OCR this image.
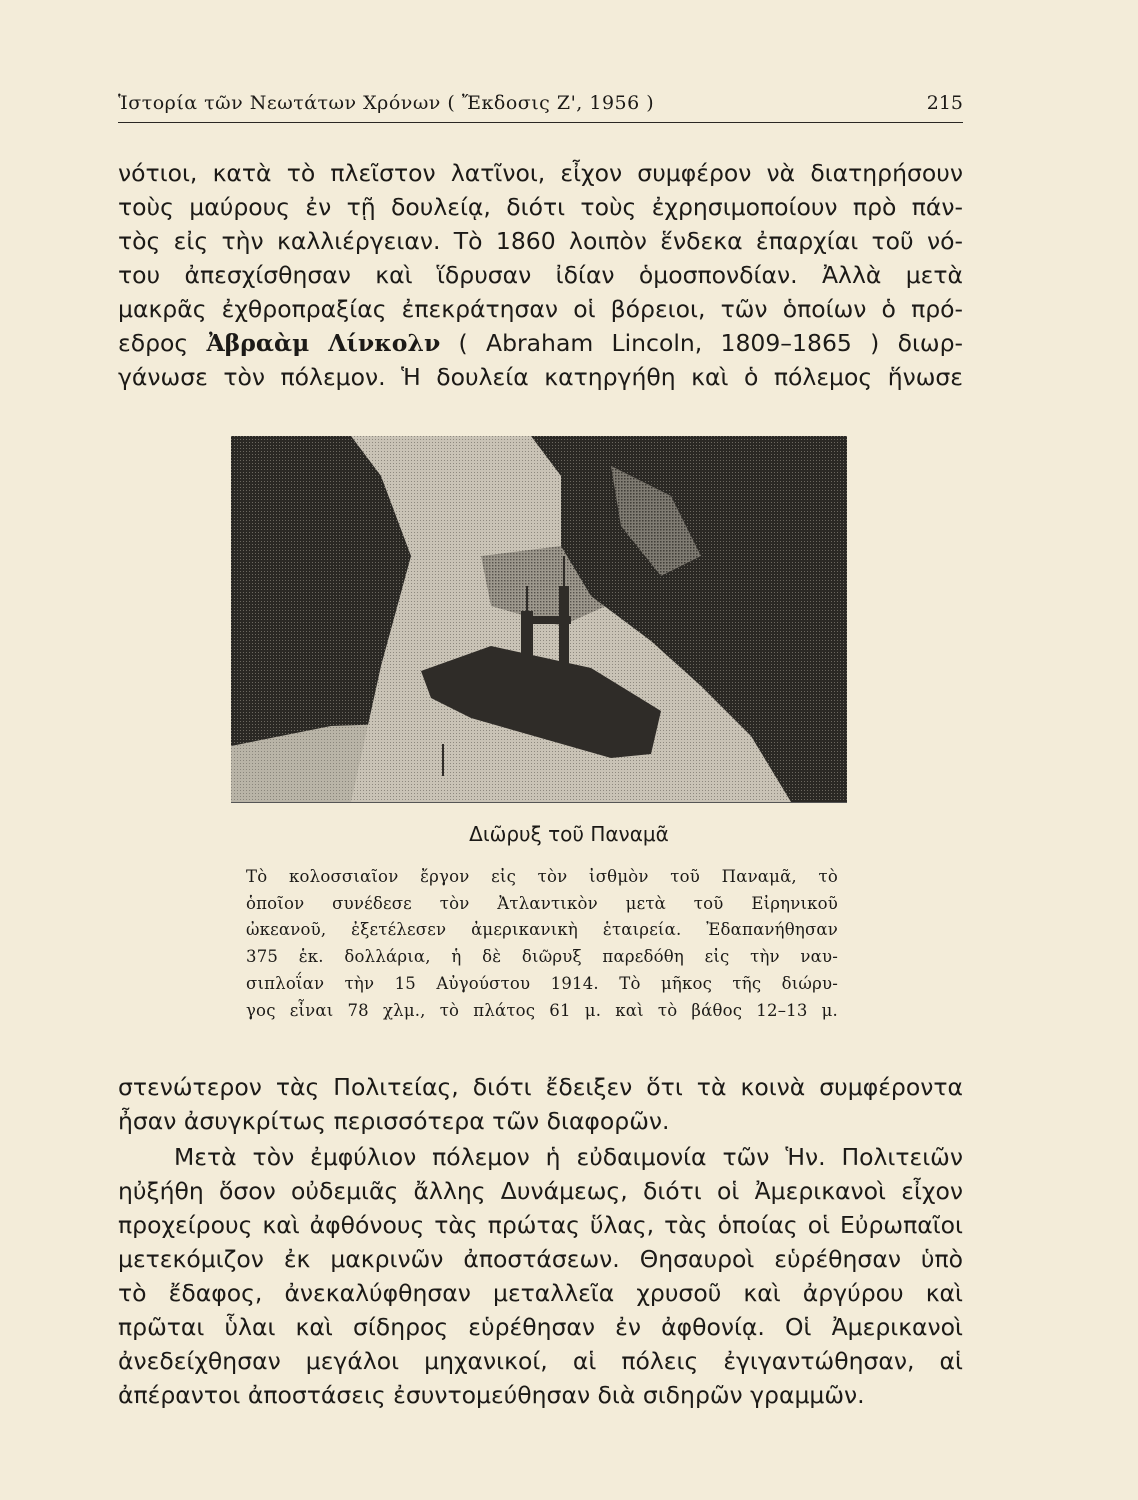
Ἱστορία τῶν Νεωτάτων Χρόνων ( Ἔκδοσις Ζ', 1956 )	215
νότιοι, κατὰ τὸ πλεῖστον λατῖνοι, εἶχον συμφέρον νὰ διατηρήσουν
τοὺς μαύρους ἐν τῇ δουλείᾳ, διότι τοὺς ἐχρησιμοποίουν πρὸ πάν-
τὸς εἰς τὴν καλλιέργειαν. Τὸ 1860 λοιπὸν ἕνδεκα ἐπαρχίαι τοῦ νό-
του ἀπεσχίσθησαν καὶ ἵδρυσαν ἰδίαν ὁμοσπονδίαν. Ἀλλὰ μετὰ
μακρᾶς ἐχθροπραξίας ἐπεκράτησαν οἱ βόρειοι, τῶν ὁποίων ὁ πρό-
εδρος Ἀβραὰμ Λίνκολν ( Abraham Lincoln, 1809–1865 ) διωρ-
γάνωσε τὸν πόλεμον. Ἡ δουλεία κατηργήθη καὶ ὁ πόλεμος ἥνωσε
Διῶρυξ τοῦ Παναμᾶ
Τὸ κολοσσιαῖον ἔργον εἰς τὸν ἰσθμὸν τοῦ Παναμᾶ, τὸ
ὁποῖον συνέδεσε τὸν Ἀτλαντικὸν μετὰ τοῦ Εἰρηνικοῦ
ὠκεανοῦ, ἐξετέλεσεν ἀμερικανικὴ ἑταιρεία. Ἐδαπανήθησαν
375 ἑκ. δολλάρια, ἡ δὲ διῶρυξ παρεδόθη εἰς τὴν ναυ-
σιπλοΐαν τὴν 15 Αὐγούστου 1914. Τὸ μῆκος τῆς διώρυ-
γος εἶναι 78 χλμ., τὸ πλάτος 61 μ. καὶ τὸ βάθος 12–13 μ.
στενώτερον τὰς Πολιτείας, διότι ἔδειξεν ὅτι τὰ κοινὰ συμφέροντα
ἦσαν ἀσυγκρίτως περισσότερα τῶν διαφορῶν.
Μετὰ τὸν ἐμφύλιον πόλεμον ἡ εὐδαιμονία τῶν Ἡν. Πολιτειῶν
ηὐξήθη ὅσον οὐδεμιᾶς ἄλλης Δυνάμεως, διότι οἱ Ἀμερικανοὶ εἶχον
προχείρους καὶ ἀφθόνους τὰς πρώτας ὕλας, τὰς ὁποίας οἱ Εὐρωπαῖοι
μετεκόμιζον ἐκ μακρινῶν ἀποστάσεων. Θησαυροὶ εὑρέθησαν ὑπὸ
τὸ ἔδαφος, ἀνεκαλύφθησαν μεταλλεῖα χρυσοῦ καὶ ἀργύρου καὶ
πρῶται ὗλαι καὶ σίδηρος εὑρέθησαν ἐν ἀφθονίᾳ. Οἱ Ἀμερικανοὶ
ἀνεδείχθησαν μεγάλοι μηχανικοί, αἱ πόλεις ἐγιγαντώθησαν, αἱ
ἀπέραντοι ἀποστάσεις ἐσυντομεύθησαν διὰ σιδηρῶν γραμμῶν.
